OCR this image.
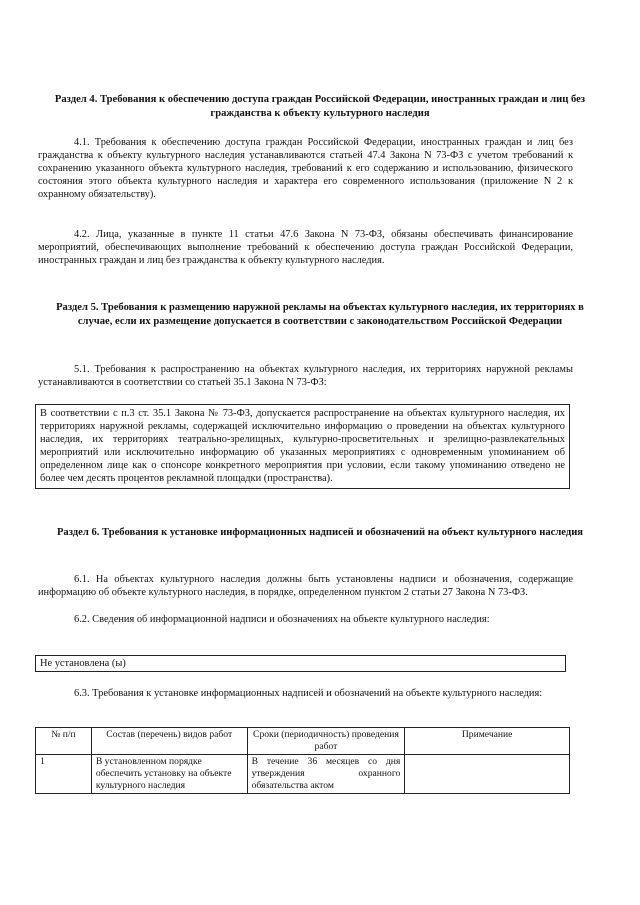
Раздел 4. Требования к обеспечению доступа граждан Российской Федерации, иностранных граждан и лиц без гражданства к объекту культурного наследия
4.1. Требования к обеспечению доступа граждан Российской Федерации, иностранных граждан и лиц без гражданства к объекту культурного наследия устанавливаются статьей 47.4 Закона N 73-ФЗ с учетом требований к сохранению указанного объекта культурного наследия, требований к его содержанию и использованию, физического состояния этого объекта культурного наследия и характера его современного использования (приложение N 2 к охранному обязательству).
4.2. Лица, указанные в пункте 11 статьи 47.6 Закона N 73-ФЗ, обязаны обеспечивать финансирование мероприятий, обеспечивающих выполнение требований к обеспечению доступа граждан Российской Федерации, иностранных граждан и лиц без гражданства к объекту культурного наследия.
Раздел 5. Требования к размещению наружной рекламы на объектах культурного наследия, их территориях в случае, если их размещение допускается в соответствии с законодательством Российской Федерации
5.1. Требования к распространению на объектах культурного наследия, их территориях наружной рекламы устанавливаются в соответствии со статьей 35.1 Закона N 73-ФЗ:
В соответствии с п.3 ст. 35.1 Закона № 73-ФЗ, допускается распространение на объектах культурного наследия, их территориях наружной рекламы, содержащей исключительно информацию о проведении на объектах культурного наследия, их территориях театрально-зрелищных, культурно-просветительных и зрелищно-развлекательных мероприятий или исключительно информацию об указанных мероприятиях с одновременным упоминанием об определенном лице как о спонсоре конкретного мероприятия при условии, если такому упоминанию отведено не более чем десять процентов рекламной площадки (пространства).
Раздел 6. Требования к установке информационных надписей и обозначений на объект культурного наследия
6.1. На объектах культурного наследия должны быть установлены надписи и обозначения, содержащие информацию об объекте культурного наследия, в порядке, определенном пунктом 2 статьи 27 Закона N 73-ФЗ.
6.2. Сведения об информационной надписи и обозначениях на объекте культурного наследия:
Не установлена (ы)
6.3. Требования к установке информационных надписей и обозначений на объекте культурного наследия:
№ п/п	Состав (перечень) видов работ	Сроки (периодичность) проведения работ	Примечание
1	В установленном порядке обеспечить установку на объекте культурного наследия	В течение 36 месяцев со дня утверждения охранного обязательства актом	
